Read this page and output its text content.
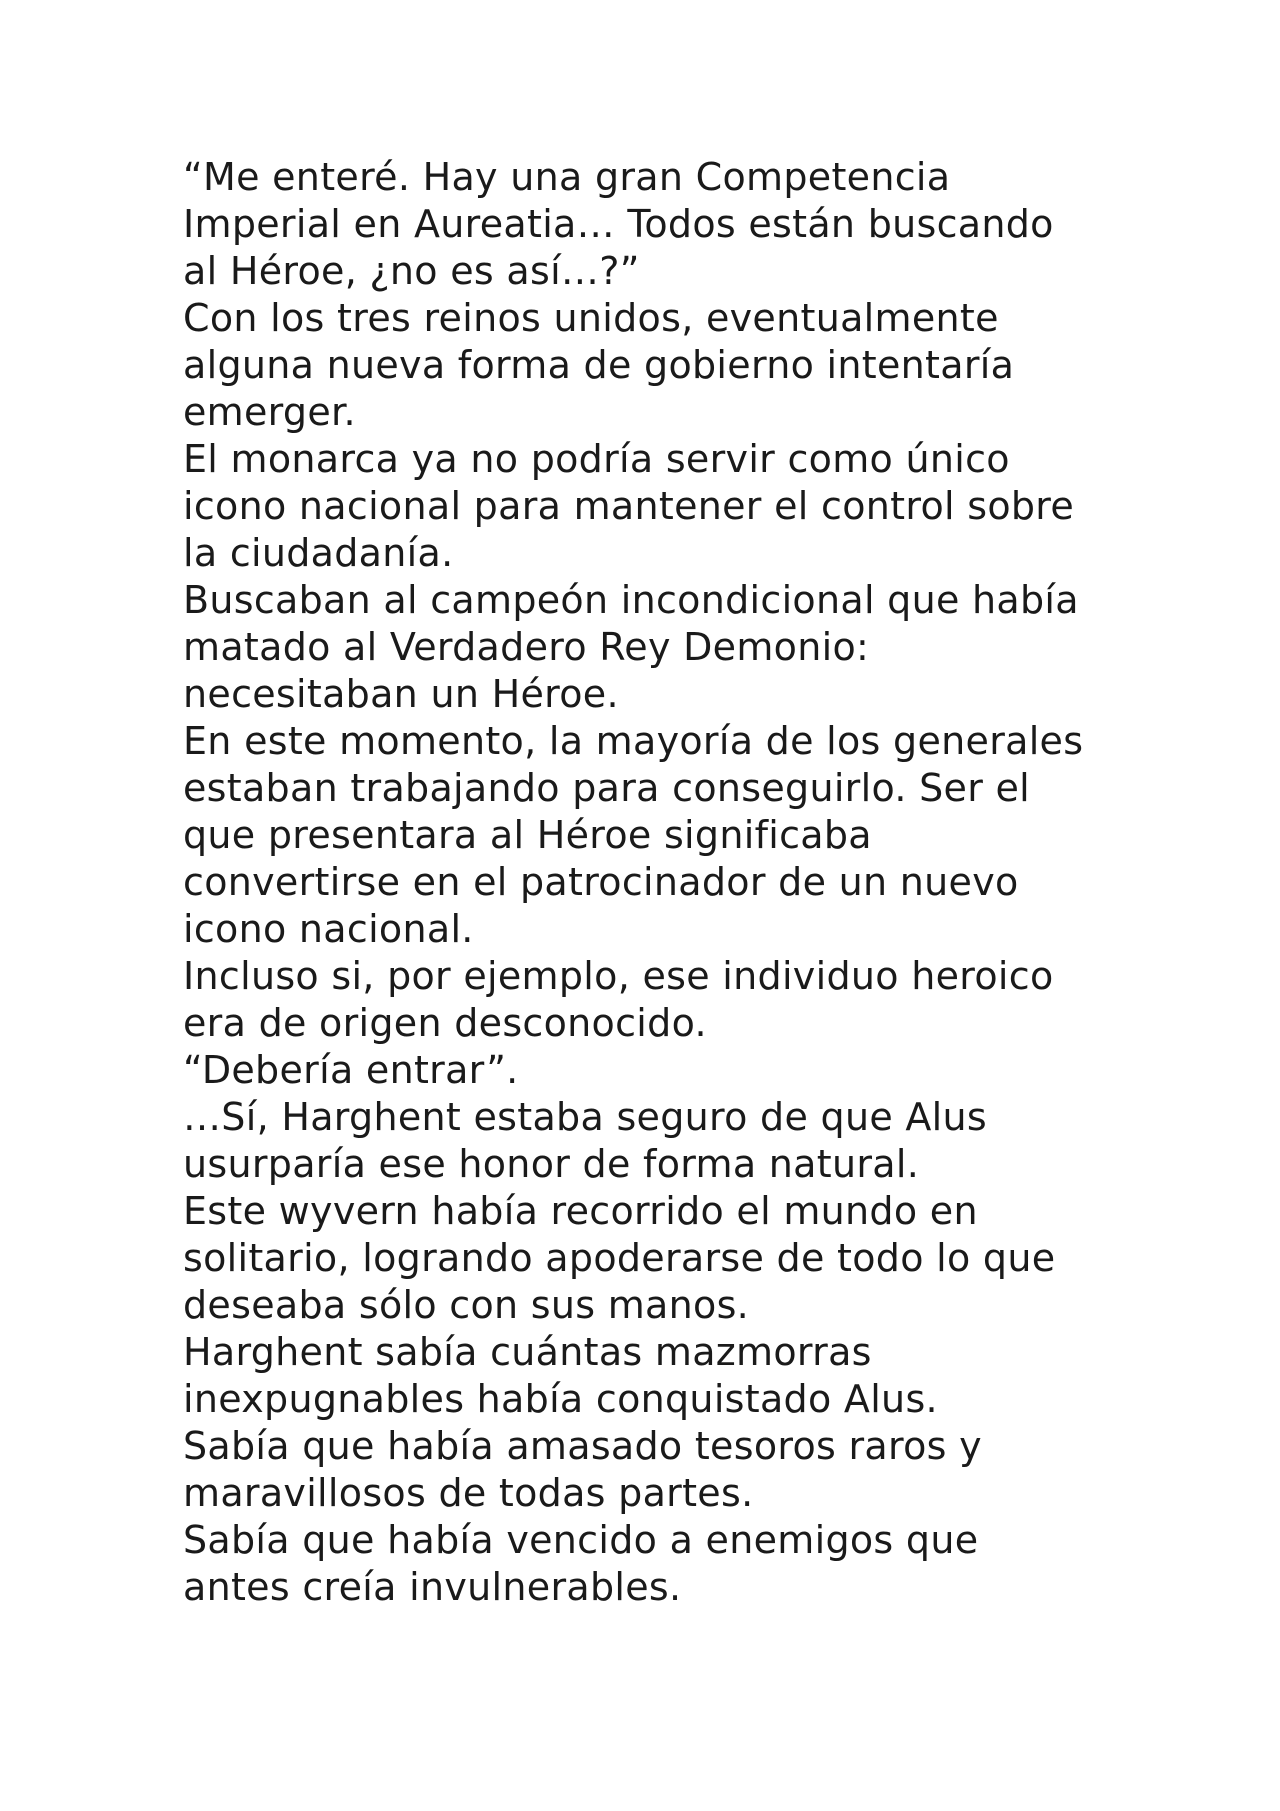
“Me enteré. Hay una gran Competencia
Imperial en Aureatia… Todos están buscando
al Héroe, ¿no es así…?”
Con los tres reinos unidos, eventualmente
alguna nueva forma de gobierno intentaría
emerger.
El monarca ya no podría servir como único
icono nacional para mantener el control sobre
la ciudadanía.
Buscaban al campeón incondicional que había
matado al Verdadero Rey Demonio:
necesitaban un Héroe.
En este momento, la mayoría de los generales
estaban trabajando para conseguirlo. Ser el
que presentara al Héroe significaba
convertirse en el patrocinador de un nuevo
icono nacional.
Incluso si, por ejemplo, ese individuo heroico
era de origen desconocido.
“Debería entrar”.
…Sí, Harghent estaba seguro de que Alus
usurparía ese honor de forma natural.
Este wyvern había recorrido el mundo en
solitario, logrando apoderarse de todo lo que
deseaba sólo con sus manos.
Harghent sabía cuántas mazmorras
inexpugnables había conquistado Alus.
Sabía que había amasado tesoros raros y
maravillosos de todas partes.
Sabía que había vencido a enemigos que
antes creía invulnerables.
